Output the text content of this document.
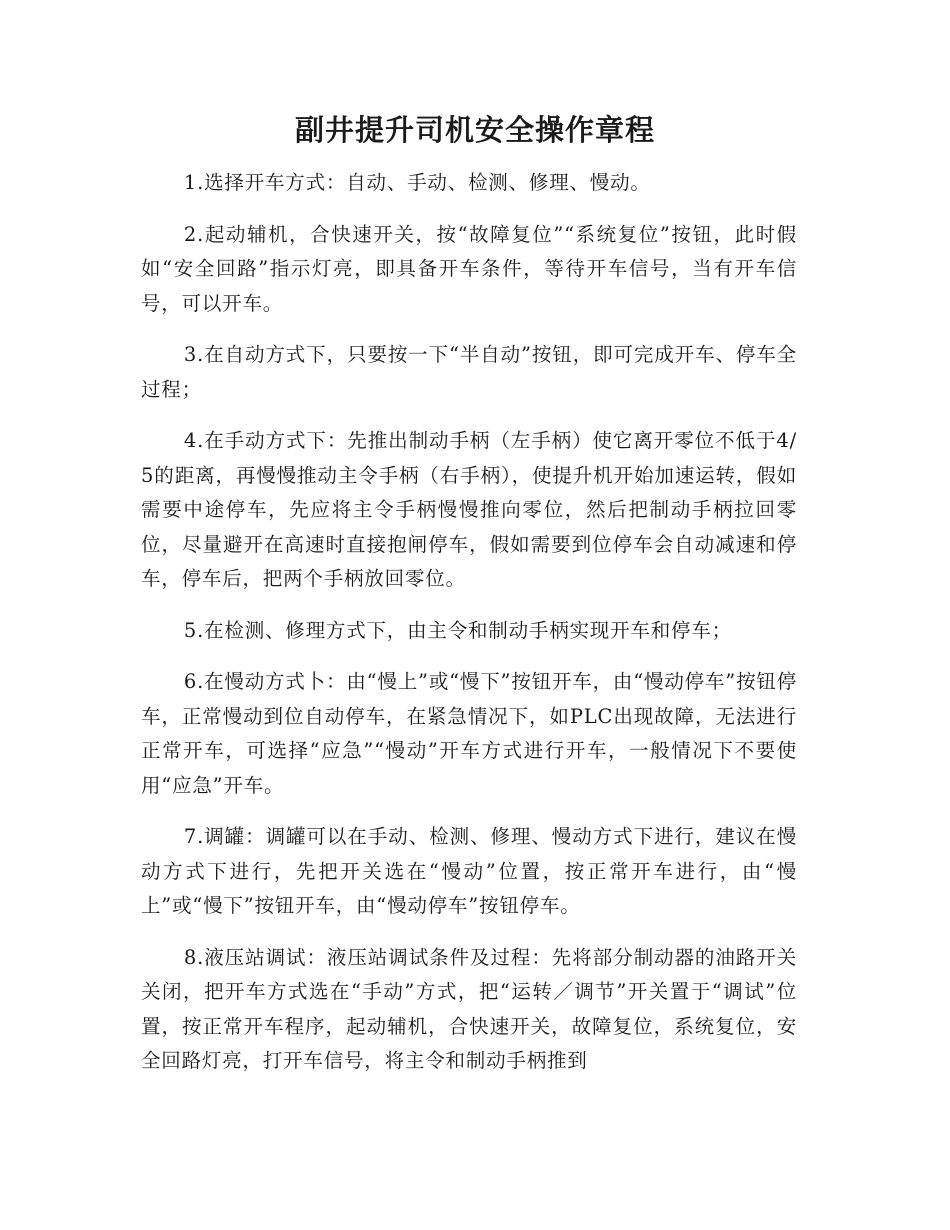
副井提升司机安全操作章程

1.选择开车方式：自动、手动、检测、修理、慢动。

2.起动辅机，合快速开关，按“故障复位”“系统复位”按钮，此时假如“安全回路”指示灯亮，即具备开车条件，等待开车信号，当有开车信号，可以开车。

3.在自动方式下，只要按一下“半自动”按钮，即可完成开车、停车全过程；

4.在手动方式下：先推出制动手柄（左手柄）使它离开零位不低于4/5的距离，再慢慢推动主令手柄（右手柄），使提升机开始加速运转，假如需要中途停车，先应将主令手柄慢慢推向零位，然后把制动手柄拉回零位，尽量避开在高速时直接抱闸停车，假如需要到位停车会自动减速和停车，停车后，把两个手柄放回零位。

5.在检测、修理方式下，由主令和制动手柄实现开车和停车；

6.在慢动方式卜：由“慢上”或“慢下”按钮开车，由“慢动停车”按钮停车，正常慢动到位自动停车，在紧急情况下，如PLC出现故障，无法进行正常开车，可选择“应急”“慢动”开车方式进行开车，一般情况下不要使用“应急”开车。

7.调罐：调罐可以在手动、检测、修理、慢动方式下进行，建议在慢动方式下进行，先把开关选在“慢动”位置，按正常开车进行，由“慢上”或“慢下”按钮开车，由“慢动停车”按钮停车。

8.液压站调试：液压站调试条件及过程：先将部分制动器的油路开关关闭，把开车方式选在“手动”方式，把“运转／调节”开关置于“调试”位置，按正常开车程序，起动辅机，合快速开关，故障复位，系统复位，安全回路灯亮，打开车信号，将主令和制动手柄推到
